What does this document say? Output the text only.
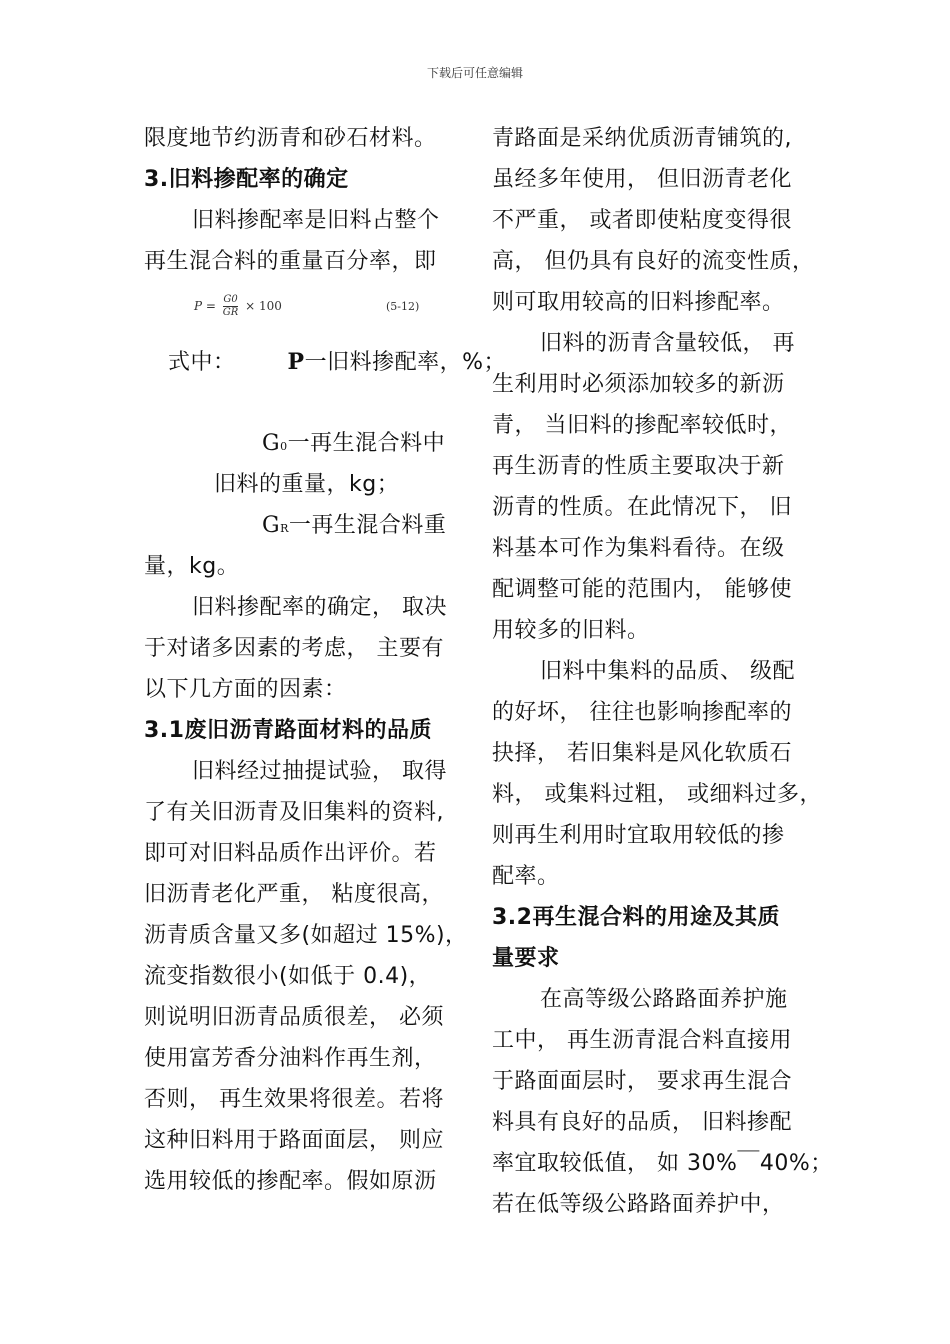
下载后可任意编辑
限度地节约沥青和砂石材料。
3.旧料掺配率的确定
旧料掺配率是旧料占整个
再生混合料的重量百分率，即
$P = \frac{G0}{GR} \times 100$	(5-12)
式中： P一旧料掺配率，%；
G0一再生混合料中
旧料的重量，kg；
GR一再生混合料重
量，kg。
旧料掺配率的确定， 取决
于对诸多因素的考虑， 主要有
以下几方面的因素：
3.1废旧沥青路面材料的品质
旧料经过抽提试验， 取得
了有关旧沥青及旧集料的资料,
即可对旧料品质作出评价。若
旧沥青老化严重， 粘度很高，
沥青质含量又多(如超过 15%)，
流变指数很小(如低于 0.4)，
则说明旧沥青品质很差， 必须
使用富芳香分油料作再生剂，
否则， 再生效果将很差。若将
这种旧料用于路面面层， 则应
选用较低的掺配率。假如原沥
青路面是采纳优质沥青铺筑的,
虽经多年使用， 但旧沥青老化
不严重， 或者即使粘度变得很
高， 但仍具有良好的流变性质，
则可取用较高的旧料掺配率。
旧料的沥青含量较低， 再
生利用时必须添加较多的新沥
青， 当旧料的掺配率较低时，
再生沥青的性质主要取决于新
沥青的性质。在此情况下， 旧
料基本可作为集料看待。在级
配调整可能的范围内， 能够使
用较多的旧料。
旧料中集料的品质、 级配
的好坏， 往往也影响掺配率的
抉择， 若旧集料是风化软质石
料， 或集料过粗， 或细料过多，
则再生利用时宜取用较低的掺
配率。
3.2再生混合料的用途及其质
量要求
在高等级公路路面养护施
工中， 再生沥青混合料直接用
于路面面层时， 要求再生混合
料具有良好的品质， 旧料掺配
率宜取较低值， 如 30%￣40%；
若在低等级公路路面养护中，
